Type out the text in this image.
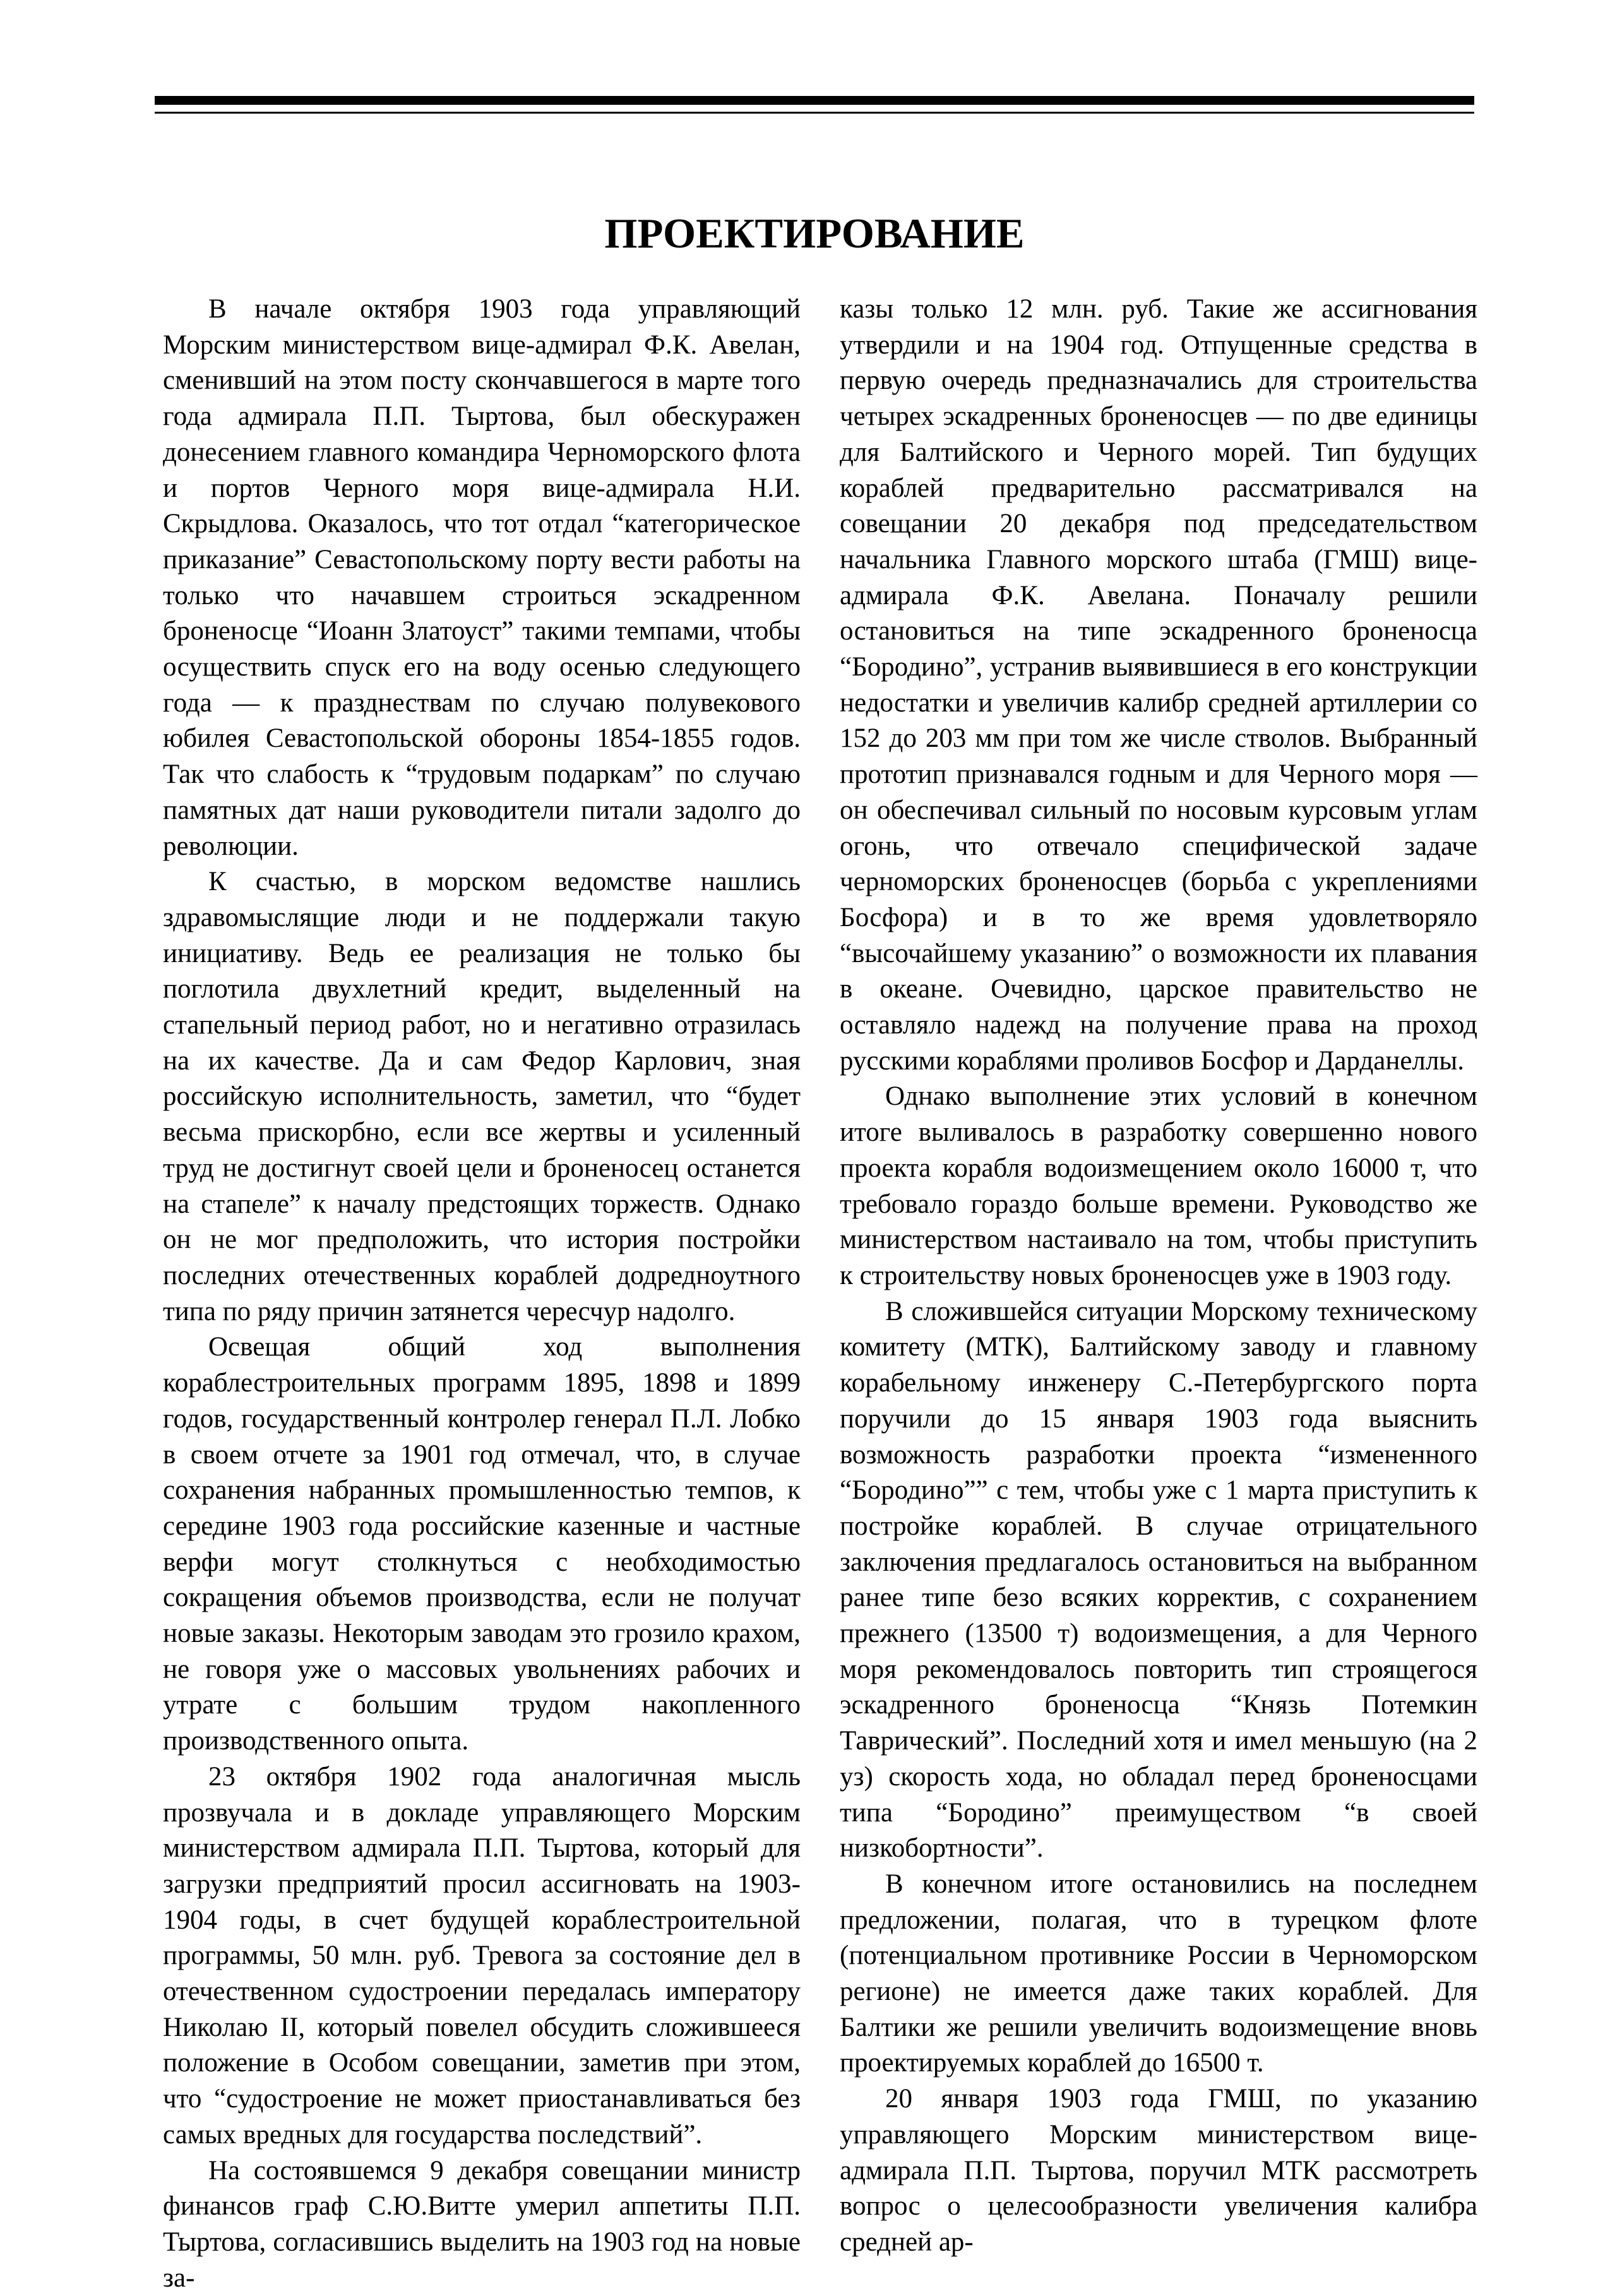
ПРОЕКТИРОВАНИЕ

В начале октября 1903 года управляющий Морским министерством вице-адмирал Ф.К. Авелан, сменивший на этом посту скончавшегося в марте того года адмирала П.П. Тыртова, был обескуражен донесением главного командира Черноморского флота и портов Черного моря вице-адмирала Н.И. Скрыдлова. Оказалось, что тот отдал “категорическое приказание” Севастопольскому порту вести работы на только что начавшем строиться эскадренном броненосце “Иоанн Златоуст” такими темпами, чтобы осуществить спуск его на воду осенью следующего года — к празднествам по случаю полувекового юбилея Севастопольской обороны 1854-1855 годов. Так что слабость к “трудовым подаркам” по случаю памятных дат наши руководители питали задолго до революции.

К счастью, в морском ведомстве нашлись здравомыслящие люди и не поддержали такую инициативу. Ведь ее реализация не только бы поглотила двухлетний кредит, выделенный на стапельный период работ, но и негативно отразилась на их качестве. Да и сам Федор Карлович, зная российскую исполнительность, заметил, что “будет весьма прискорбно, если все жертвы и усиленный труд не достигнут своей цели и броненосец останется на стапеле” к началу предстоящих торжеств. Однако он не мог предположить, что история постройки последних отечественных кораблей додредноутного типа по ряду причин затянется чересчур надолго.

Освещая общий ход выполнения кораблестроительных программ 1895, 1898 и 1899 годов, государственный контролер генерал П.Л. Лобко в своем отчете за 1901 год отмечал, что, в случае сохранения набранных промышленностью темпов, к середине 1903 года российские казенные и частные верфи могут столкнуться с необходимостью сокращения объемов производства, если не получат новые заказы. Некоторым заводам это грозило крахом, не говоря уже о массовых увольнениях рабочих и утрате с большим трудом накопленного производственного опыта.

23 октября 1902 года аналогичная мысль прозвучала и в докладе управляющего Морским министерством адмирала П.П. Тыртова, который для загрузки предприятий просил ассигновать на 1903-1904 годы, в счет будущей кораблестроительной программы, 50 млн. руб. Тревога за состояние дел в отечественном судостроении передалась императору Николаю II, который повелел обсудить сложившееся положение в Особом совещании, заметив при этом, что “судостроение не может приостанавливаться без самых вредных для государства последствий”.

На состоявшемся 9 декабря совещании министр финансов граф С.Ю.Витте умерил аппетиты П.П. Тыртова, согласившись выделить на 1903 год на новые за-

казы только 12 млн. руб. Такие же ассигнования утвердили и на 1904 год. Отпущенные средства в первую очередь предназначались для строительства четырех эскадренных броненосцев — по две единицы для Балтийского и Черного морей. Тип будущих кораблей предварительно рассматривался на совещании 20 декабря под председательством начальника Главного морского штаба (ГМШ) вице-адмирала Ф.К. Авелана. Поначалу решили остановиться на типе эскадренного броненосца “Бородино”, устранив выявившиеся в его конструкции недостатки и увеличив калибр средней артиллерии со 152 до 203 мм при том же числе стволов. Выбранный прототип признавался годным и для Черного моря — он обеспечивал сильный по носовым курсовым углам огонь, что отвечало специфической задаче черноморских броненосцев (борьба с укреплениями Босфора) и в то же время удовлетворяло “высочайшему указанию” о возможности их плавания в океане. Очевидно, царское правительство не оставляло надежд на получение права на проход русскими кораблями проливов Босфор и Дарданеллы.

Однако выполнение этих условий в конечном итоге выливалось в разработку совершенно нового проекта корабля водоизмещением около 16000 т, что требовало гораздо больше времени. Руководство же министерством настаивало на том, чтобы приступить к строительству новых броненосцев уже в 1903 году.

В сложившейся ситуации Морскому техническому комитету (МТК), Балтийскому заводу и главному корабельному инженеру С.-Петербургского порта поручили до 15 января 1903 года выяснить возможность разработки проекта “измененного “Бородино”” с тем, чтобы уже с 1 марта приступить к постройке кораблей. В случае отрицательного заключения предлагалось остановиться на выбранном ранее типе безо всяких корректив, с сохранением прежнего (13500 т) водоизмещения, а для Черного моря рекомендовалось повторить тип строящегося эскадренного броненосца “Князь Потемкин Таврический”. Последний хотя и имел меньшую (на 2 уз) скорость хода, но обладал перед броненосцами типа “Бородино” преимуществом “в своей низкобортности”.

В конечном итоге остановились на последнем предложении, полагая, что в турецком флоте (потенциальном противнике России в Черноморском регионе) не имеется даже таких кораблей. Для Балтики же решили увеличить водоизмещение вновь проектируемых кораблей до 16500 т.

20 января 1903 года ГМШ, по указанию управляющего Морским министерством вице-адмирала П.П. Тыртова, поручил МТК рассмотреть вопрос о целесообразности увеличения калибра средней ар-
